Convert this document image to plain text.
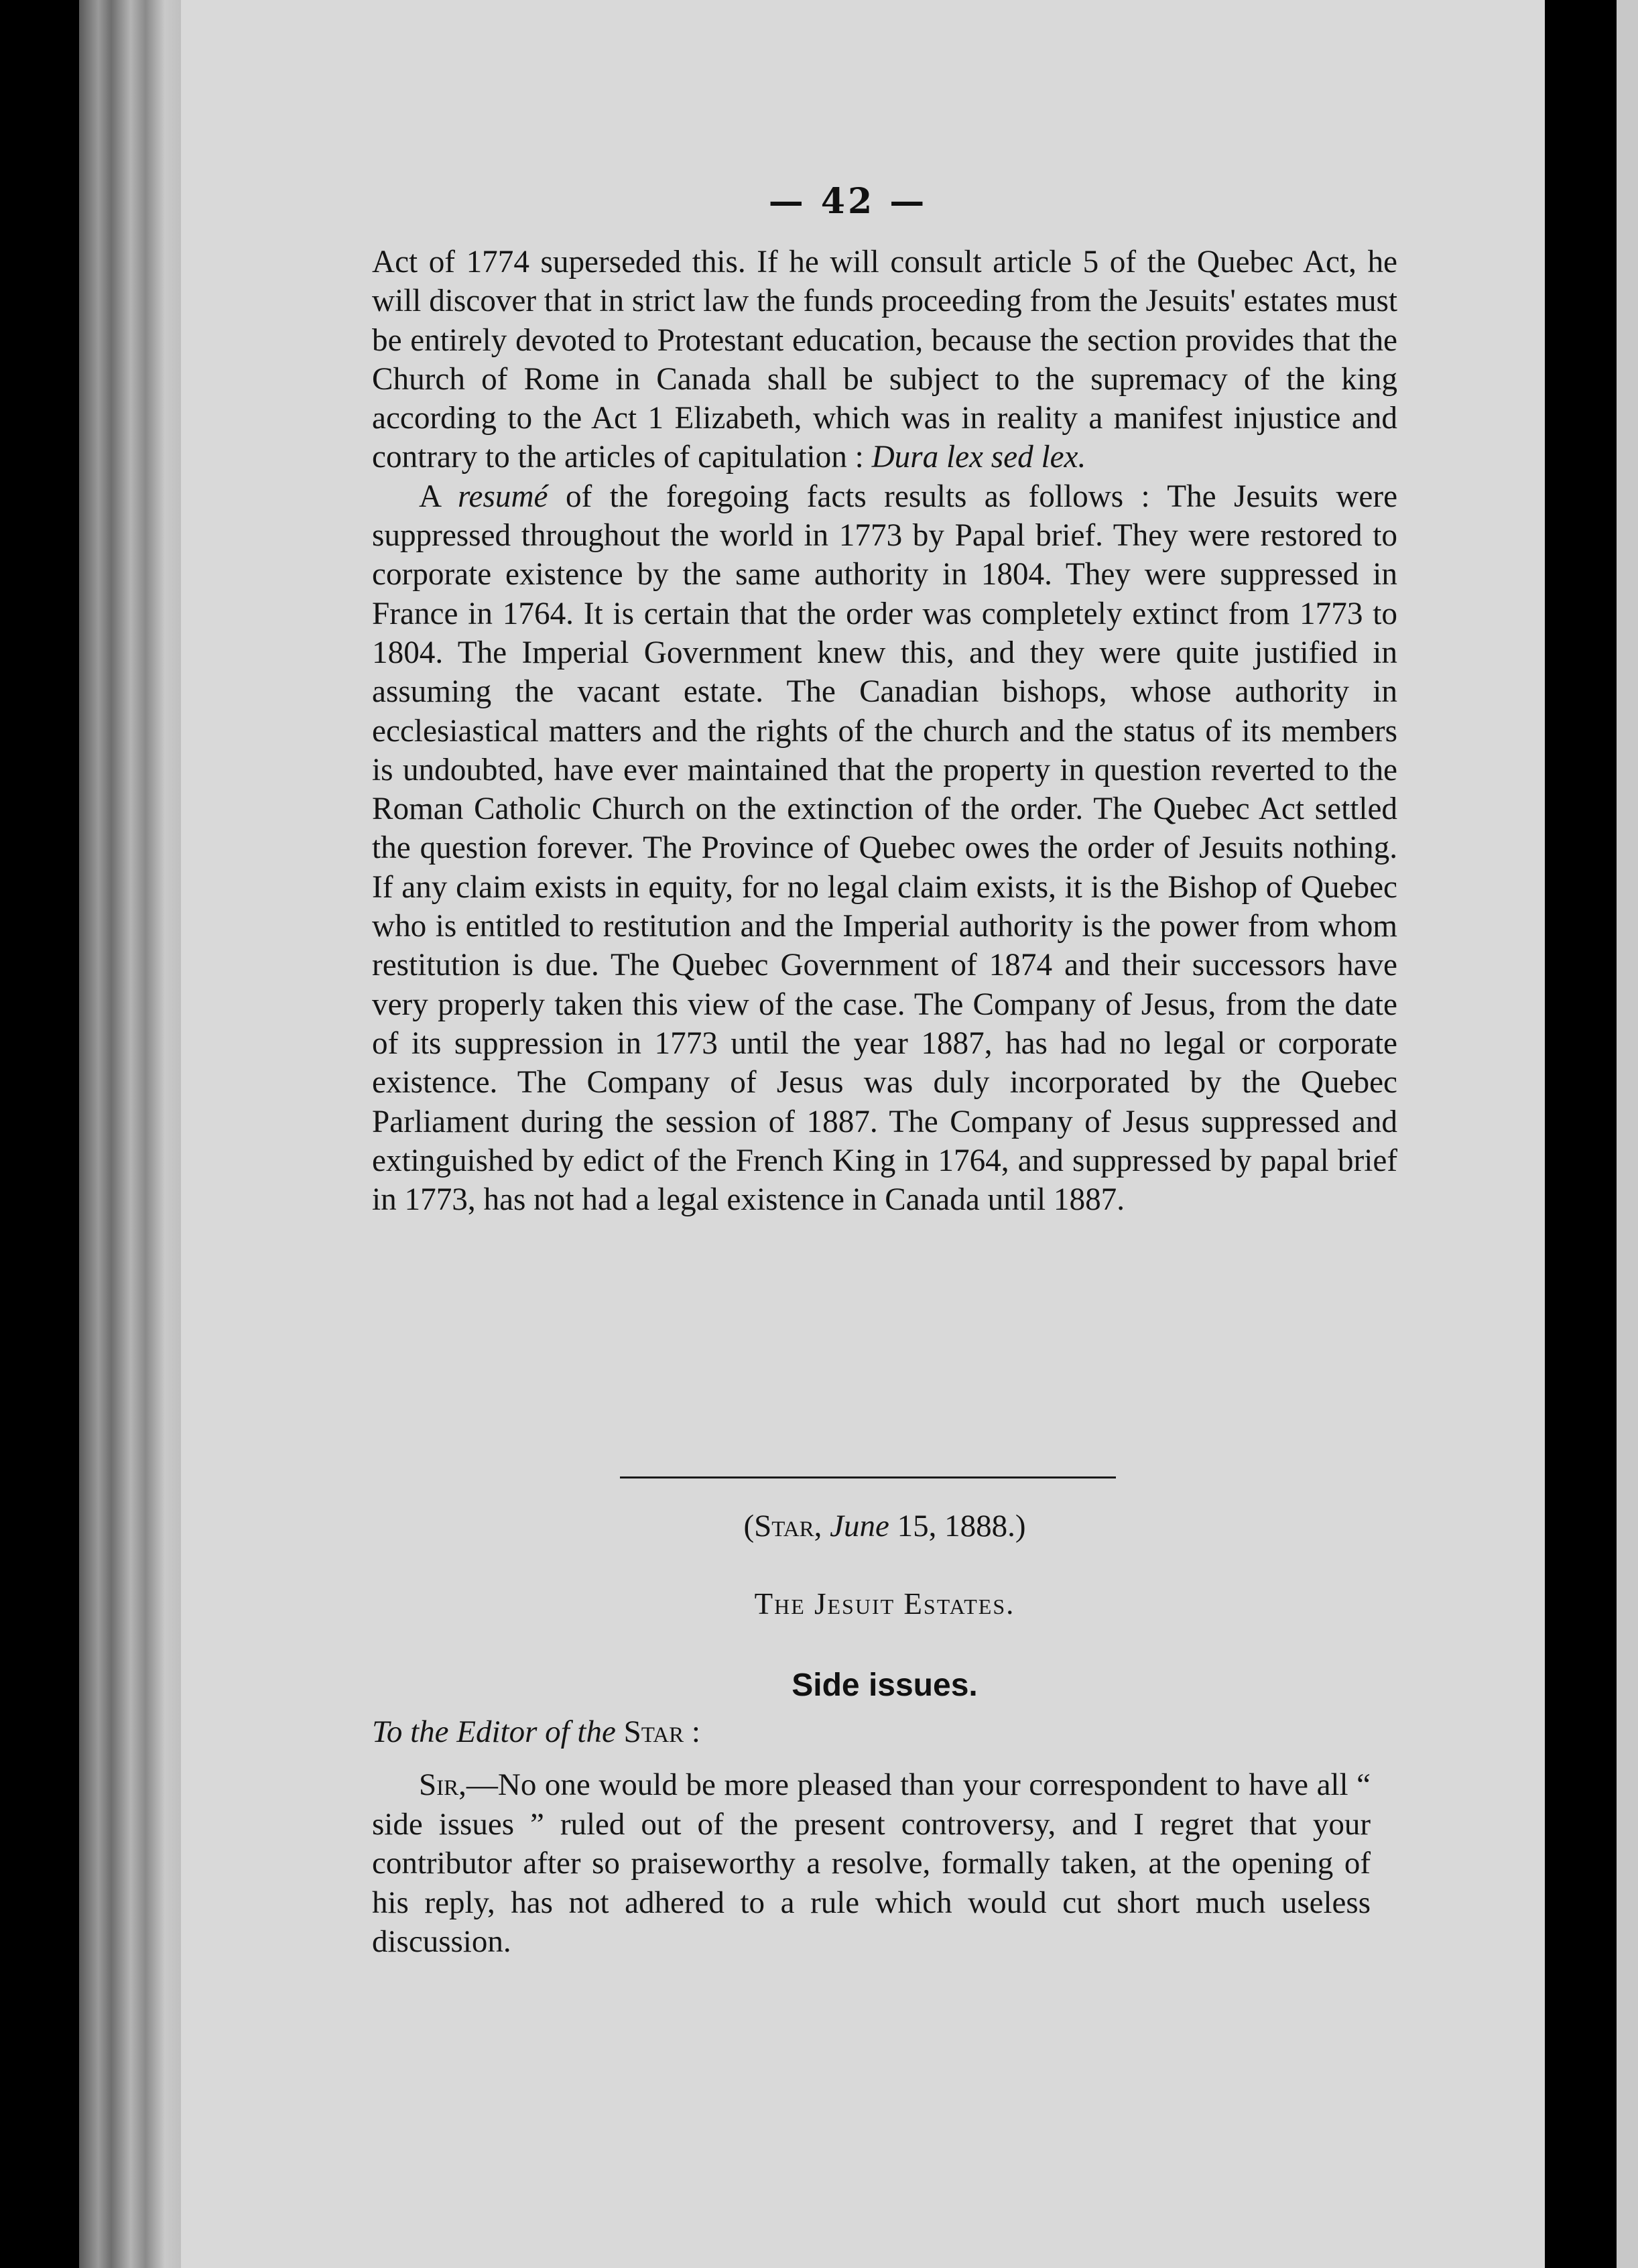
— 42 —

Act of 1774 superseded this. If he will consult article 5 of the Quebec Act, he will discover that in strict law the funds proceeding from the Jesuits' estates must be entirely devoted to Protestant education, because the section provides that the Church of Rome in Canada shall be subject to the supremacy of the king according to the Act 1 Elizabeth, which was in reality a manifest injustice and contrary to the articles of capitulation : Dura lex sed lex.

A resumé of the foregoing facts results as follows : The Jesuits were suppressed throughout the world in 1773 by Papal brief. They were restored to corporate existence by the same authority in 1804. They were suppressed in France in 1764. It is certain that the order was completely extinct from 1773 to 1804. The Imperial Government knew this, and they were quite justified in assuming the vacant estate. The Canadian bishops, whose authority in ecclesiastical matters and the rights of the church and the status of its members is undoubted, have ever maintained that the property in question reverted to the Roman Catholic Church on the extinction of the order. The Quebec Act settled the question forever. The Province of Quebec owes the order of Jesuits nothing. If any claim exists in equity, for no legal claim exists, it is the Bishop of Quebec who is entitled to restitution and the Imperial authority is the power from whom restitution is due. The Quebec Government of 1874 and their successors have very properly taken this view of the case. The Company of Jesus, from the date of its suppression in 1773 until the year 1887, has had no legal or corporate existence. The Company of Jesus was duly incorporated by the Quebec Parliament during the session of 1887. The Company of Jesus suppressed and extinguished by edict of the French King in 1764, and suppressed by papal brief in 1773, has not had a legal existence in Canada until 1887.

(Star, June 15, 1888.)
The Jesuit Estates.
Side issues.
To the Editor of the Star :
Sir,—No one would be more pleased than your correspondent to have all “ side issues ” ruled out of the present controversy, and I regret that your contributor after so praiseworthy a resolve, formally taken, at the opening of his reply, has not adhered to a rule which would cut short much useless discussion.
